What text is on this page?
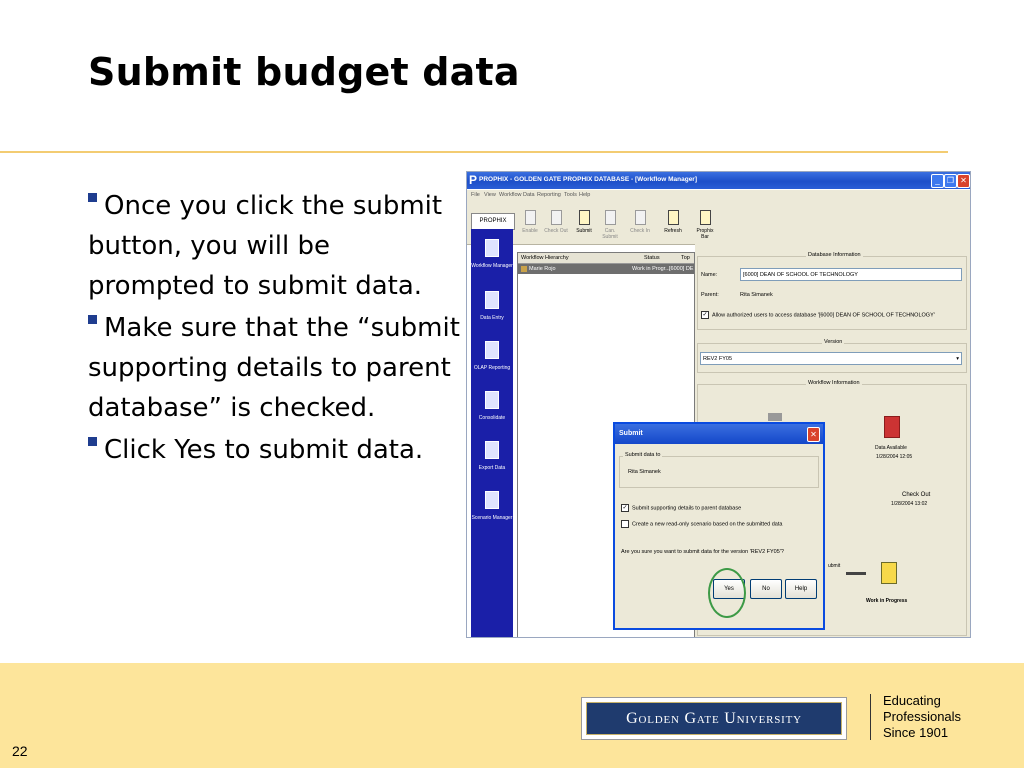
Submit budget data
Once you click the submit button, you will be prompted to submit data.
Make sure that the “submit supporting details to parent database” is checked.
Click Yes to submit data.
P PROPHIX - GOLDEN GATE PROPHIX DATABASE - [Workflow Manager]	_ ❐ ✕
File View Workflow Data Reporting Tools Help
Enable	Check Out	Submit	Can. Submit
Check In	Refresh	Prophix Bar
PROPHIX
Workflow Manager
Data Entry
OLAP Reporting
Consolidate
Export Data
Scenario Manager
Workflow Hierarchy	Status	Top
Marie Rojo	Work in Progr... [6000] DE
Database Information
Name:	[6000] DEAN OF SCHOOL OF TECHNOLOGY
Parent:	Rita Simanek
✓ Allow authorized users to access database '[6000] DEAN OF SCHOOL OF TECHNOLOGY'
Version
REV2 FY05	▾
Workflow Information
Data Available
1/28/2004 12:05
Check Out
1/28/2004 13:02
ubmit
Work in Progress
Submit	✕
Submit data to
Rita Simanek
✓ Submit supporting details to parent database
Create a new read-only scenario based on the submitted data
Are you sure you want to submit data for the version 'REV2 FY05'?
Yes	No	Help
Golden Gate University
Educating
Professionals
Since 1901
22
